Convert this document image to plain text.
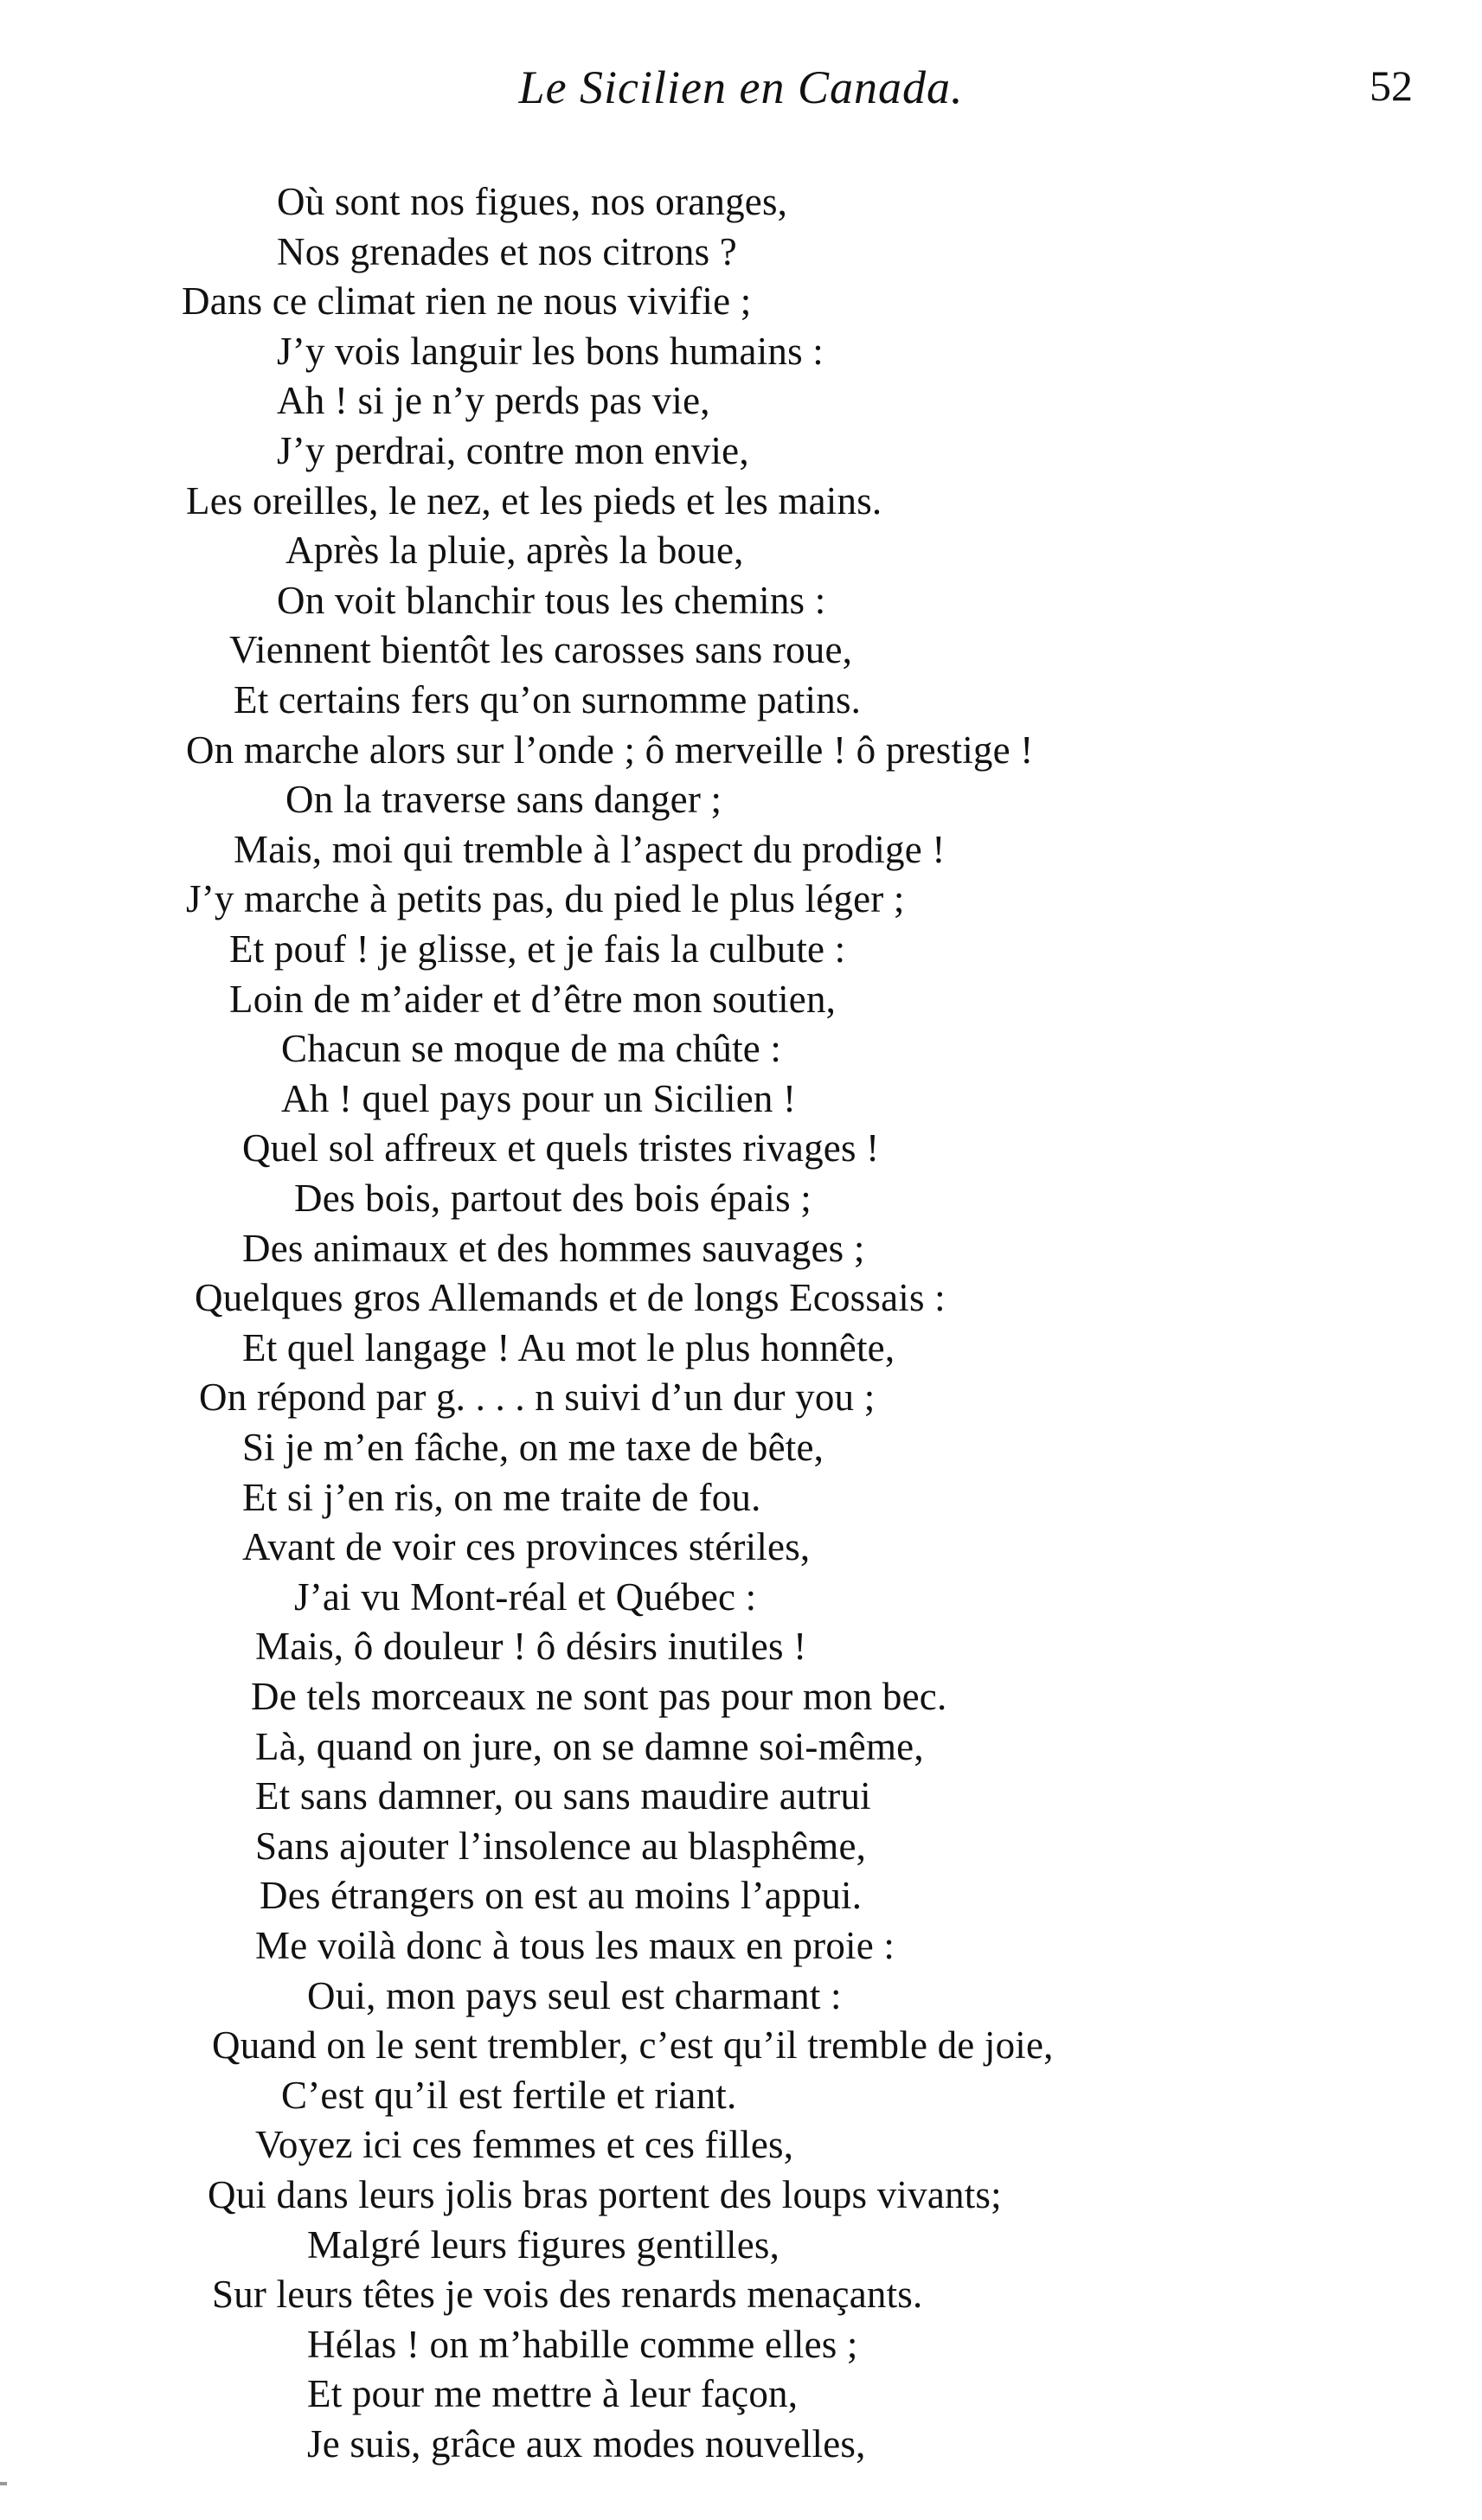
Le Sicilien en Canada.	52
Où sont nos figues, nos oranges,
Nos grenades et nos citrons ?
Dans ce climat rien ne nous vivifie ;
J’y vois languir les bons humains :
Ah ! si je n’y perds pas vie,
J’y perdrai, contre mon envie,
Les oreilles, le nez, et les pieds et les mains.
Après la pluie, après la boue,
On voit blanchir tous les chemins :
Viennent bientôt les carosses sans roue,
Et certains fers qu’on surnomme patins.
On marche alors sur l’onde ; ô merveille ! ô prestige !
On la traverse sans danger ;
Mais, moi qui tremble à l’aspect du prodige !
J’y marche à petits pas, du pied le plus léger ;
Et pouf ! je glisse, et je fais la culbute :
Loin de m’aider et d’être mon soutien,
Chacun se moque de ma chûte :
Ah ! quel pays pour un Sicilien !
Quel sol affreux et quels tristes rivages !
Des bois, partout des bois épais ;
Des animaux et des hommes sauvages ;
Quelques gros Allemands et de longs Ecossais :
Et quel langage ! Au mot le plus honnête,
On répond par g. . . . n suivi d’un dur you ;
Si je m’en fâche, on me taxe de bête,
Et si j’en ris, on me traite de fou.
Avant de voir ces provinces stériles,
J’ai vu Mont-réal et Québec :
Mais, ô douleur ! ô désirs inutiles !
De tels morceaux ne sont pas pour mon bec.
Là, quand on jure, on se damne soi-même,
Et sans damner, ou sans maudire autrui
Sans ajouter l’insolence au blasphême,
Des étrangers on est au moins l’appui.
Me voilà donc à tous les maux en proie :
Oui, mon pays seul est charmant :
Quand on le sent trembler, c’est qu’il tremble de joie,
C’est qu’il est fertile et riant.
Voyez ici ces femmes et ces filles,
Qui dans leurs jolis bras portent des loups vivants;
Malgré leurs figures gentilles,
Sur leurs têtes je vois des renards menaçants.
Hélas ! on m’habille comme elles ;
Et pour me mettre à leur façon,
Je suis, grâce aux modes nouvelles,
